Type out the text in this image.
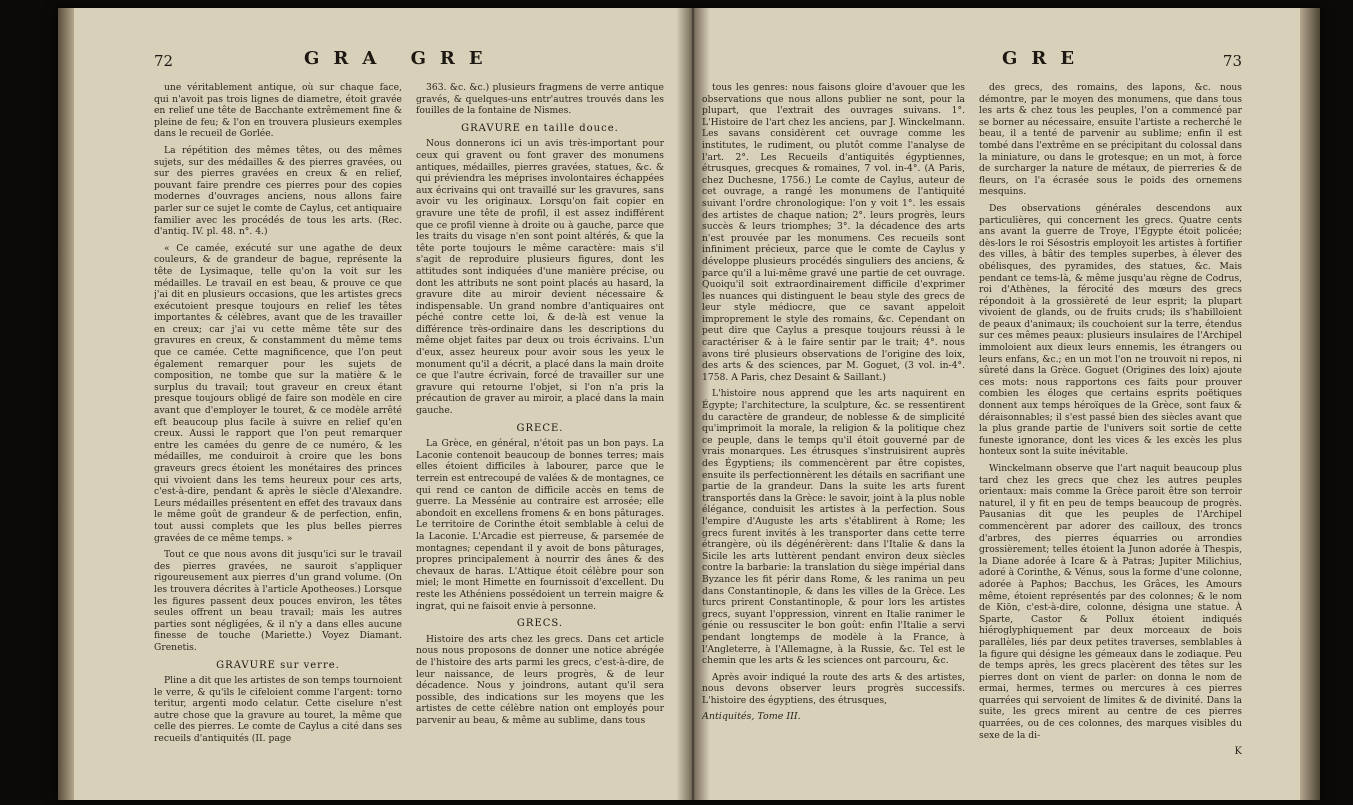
72	GRA GRE

une véritablement antique, où sur chaque face, qui n'avoit pas trois lignes de diametre, étoit gravée en relief une tête de Bacchante extrêmement fine & pleine de feu; & l'on en trouvera plusieurs exemples dans le recueil de Gorlée.

La répétition des mêmes têtes, ou des mêmes sujets, sur des médailles & des pierres gravées, ou sur des pierres gravées en creux & en relief, pouvant faire prendre ces pierres pour des copies modernes d'ouvrages anciens, nous allons faire parler sur ce sujet le comte de Caylus, cet antiquaire familier avec les procédés de tous les arts. (Rec. d'antiq. IV. pl. 48. n°. 4.)

« Ce camée, exécuté sur une agathe de deux couleurs, & de grandeur de bague, représente la tête de Lysimaque, telle qu'on la voit sur les médailles. Le travail en est beau, & prouve ce que j'ai dit en plusieurs occasions, que les artistes grecs exécutoient presque toujours en relief les têtes importantes & célèbres, avant que de les travailler en creux; car j'ai vu cette même tête sur des gravures en creux, & constamment du même tems que ce camée. Cette magnificence, que l'on peut également remarquer pour les sujets de composition, ne tombe que sur la matière & le surplus du travail; tout graveur en creux étant presque toujours obligé de faire son modèle en cire avant que d'employer le touret, & ce modèle arrêté eft beaucoup plus facile à suivre en relief qu'en creux. Aussi le rapport que l'on peut remarquer entre les camées du genre de ce numéro, & les médailles, me conduiroit à croire que les bons graveurs grecs étoient les monétaires des princes qui vivoient dans les tems heureux pour ces arts, c'est-à-dire, pendant & après le siècle d'Alexandre. Leurs médailles présentent en effet des travaux dans le même goût de grandeur & de perfection, enfin, tout aussi complets que les plus belles pierres gravées de ce même temps. »

Tout ce que nous avons dit jusqu'ici sur le travail des pierres gravées, ne sauroit s'appliquer rigoureusement aux pierres d'un grand volume. (On les trouvera décrites à l'article Apotheoses.) Lorsque les figures passent deux pouces environ, les têtes seules offrent un beau travail; mais les autres parties sont négligées, & il n'y a dans elles aucune finesse de touche (Mariette.) Voyez Diamant. Grenetis.

GRAVURE sur verre.

Pline a dit que les artistes de son temps tournoient le verre, & qu'ils le cifeloient comme l'argent: torno teritur, argenti modo celatur. Cette ciselure n'est autre chose que la gravure au touret, la même que celle des pierres. Le comte de Caylus a cité dans ses recueils d'antiquités (II. page

363. &c. &c.) plusieurs fragmens de verre antique gravés, & quelques-uns entr'autres trouvés dans les fouilles de la fontaine de Nismes.

GRAVURE en taille douce.

Nous donnerons ici un avis très-important pour ceux qui gravent ou font graver des monumens antiques, médailles, pierres gravées, statues, &c. & qui préviendra les méprises involontaires échappées aux écrivains qui ont travaillé sur les gravures, sans avoir vu les originaux. Lorsqu'on fait copier en gravure une tête de profil, il est assez indifférent que ce profil vienne à droite ou à gauche, parce que les traits du visage n'en sont point altérés, & que la tête porte toujours le même caractère: mais s'il s'agit de reproduire plusieurs figures, dont les attitudes sont indiquées d'une manière précise, ou dont les attributs ne sont point placés au hasard, la gravure dite au miroir devient nécessaire & indispensable. Un grand nombre d'antiquaires ont péché contre cette loi, & de-là est venue la différence très-ordinaire dans les descriptions du même objet faites par deux ou trois écrivains. L'un d'eux, assez heureux pour avoir sous les yeux le monument qu'il a décrit, a placé dans la main droite ce que l'autre écrivain, forcé de travailler sur une gravure qui retourne l'objet, si l'on n'a pris la précaution de graver au miroir, a placé dans la main gauche.

GRECE.

La Grèce, en général, n'étoit pas un bon pays. La Laconie contenoit beaucoup de bonnes terres; mais elles étoient difficiles à labourer, parce que le terrein est entrecoupé de valées & de montagnes, ce qui rend ce canton de difficile accès en tems de guerre. La Messénie au contraire est arrosée; elle abondoit en excellens fromens & en bons pâturages. Le territoire de Corinthe étoit semblable à celui de la Laconie. L'Arcadie est pierreuse, & parsemée de montagnes; cependant il y avoit de bons pâturages, propres principalement à nourrir des ânes & des chevaux de haras. L'Attique étoit célèbre pour son miel; le mont Himette en fournissoit d'excellent. Du reste les Athéniens possédoient un terrein maigre & ingrat, qui ne faisoit envie à personne.

GRECS.

Histoire des arts chez les grecs. Dans cet article nous nous proposons de donner une notice abrégée de l'histoire des arts parmi les grecs, c'est-à-dire, de leur naissance, de leurs progrès, & de leur décadence. Nous y joindrons, autant qu'il sera possible, des indications sur les moyens que les artistes de cette célèbre nation ont employés pour parvenir au beau, & même au sublime, dans tous

GRE	73

tous les genres: nous faisons gloire d'avouer que les observations que nous allons publier ne sont, pour la plupart, que l'extrait des ouvrages suivans. 1°. L'Histoire de l'art chez les anciens, par J. Winckelmann. Les savans considèrent cet ouvrage comme les institutes, le rudiment, ou plutôt comme l'analyse de l'art. 2°. Les Recueils d'antiquités égyptiennes, étrusques, grecques & romaines, 7 vol. in-4°. (A Paris, chez Duchesne, 1756.) Le comte de Caylus, auteur de cet ouvrage, a rangé les monumens de l'antiquité suivant l'ordre chronologique: l'on y voit 1°. les essais des artistes de chaque nation; 2°. leurs progrès, leurs succès & leurs triomphes; 3°. la décadence des arts n'est prouvée par les monumens. Ces recueils sont infiniment précieux, parce que le comte de Caylus y développe plusieurs procédés singuliers des anciens, & parce qu'il a lui-même gravé une partie de cet ouvrage. Quoiqu'il soit extraordinairement difficile d'exprimer les nuances qui distinguent le beau style des grecs de leur style médiocre, que ce savant appeloit improprement le style des romains, &c. Cependant on peut dire que Caylus a presque toujours réussi à le caractériser & à le faire sentir par le trait; 4°. nous avons tiré plusieurs observations de l'origine des loix, des arts & des sciences, par M. Goguet, (3 vol. in-4°. 1758. A Paris, chez Desaint & Saillant.)

L'histoire nous apprend que les arts naquirent en Égypte; l'architecture, la sculpture, &c. se ressentirent du caractère de grandeur, de noblesse & de simplicité qu'imprimoit la morale, la religion & la politique chez ce peuple, dans le temps qu'il étoit gouverné par de vrais monarques. Les étrusques s'instruisirent auprès des Égyptiens; ils commencèrent par être copistes, ensuite ils perfectionnèrent les détails en sacrifiant une partie de la grandeur. Dans la suite les arts furent transportés dans la Grèce: le savoir, joint à la plus noble élégance, conduisit les artistes à la perfection. Sous l'empire d'Auguste les arts s'établirent à Rome; les grecs furent invités à les transporter dans cette terre étrangère, où ils dégénérèrent: dans l'Italie & dans la Sicile les arts luttèrent pendant environ deux siècles contre la barbarie: la translation du siège impérial dans Byzance les fit périr dans Rome, & les ranima un peu dans Constantinople, & dans les villes de la Grèce. Les turcs prirent Constantinople, & pour lors les artistes grecs, suyant l'oppression, vinrent en Italie ranimer le génie ou ressusciter le bon goût: enfin l'Italie a servi pendant longtemps de modèle à la France, à l'Angleterre, à l'Allemagne, à la Russie, &c. Tel est le chemin que les arts & les sciences ont parcouru, &c.

Après avoir indiqué la route des arts & des artistes, nous devons observer leurs progrès successifs. L'histoire des égyptiens, des étrusques,

Antiquités, Tome III.

des grecs, des romains, des lapons, &c. nous démontre, par le moyen des monumens, que dans tous les arts & chez tous les peuples, l'on a commencé par se borner au nécessaire, ensuite l'artiste a recherché le beau, il a tenté de parvenir au sublime; enfin il est tombé dans l'extrême en se précipitant du colossal dans la miniature, ou dans le grotesque; en un mot, à force de surcharger la nature de métaux, de pierreries & de fleurs, on l'a écrasée sous le poids des ornemens mesquins.

Des observations générales descendons aux particulières, qui concernent les grecs. Quatre cents ans avant la guerre de Troye, l'Égypte étoit policée; dès-lors le roi Sésostris employoit les artistes à fortifier des villes, à bâtir des temples superbes, à élever des obélisques, des pyramides, des statues, &c. Mais pendant ce tems-là, & même jusqu'au règne de Codrus, roi d'Athènes, la férocité des mœurs des grecs répondoit à la grossièreté de leur esprit; la plupart vivoient de glands, ou de fruits cruds; ils s'habilloient de peaux d'animaux; ils couchoient sur la terre, étendus sur ces mêmes peaux: plusieurs insulaires de l'Archipel immoloient aux dieux leurs ennemis, les étrangers ou leurs enfans, &c.; en un mot l'on ne trouvoit ni repos, ni sûreté dans la Grèce. Goguet (Origines des loix) ajoute ces mots: nous rapportons ces faits pour prouver combien les éloges que certains esprits poëtiques donnent aux temps héroïques de la Grèce, sont faux & déraisonnables; il s'est passé bien des siècles avant que la plus grande partie de l'univers soit sortie de cette funeste ignorance, dont les vices & les excès les plus honteux sont la suite inévitable.

Winckelmann observe que l'art naquit beaucoup plus tard chez les grecs que chez les autres peuples orientaux: mais comme la Grèce paroit être son terroir naturel, il y fit en peu de temps beaucoup de progrès. Pausanias dit que les peuples de l'Archipel commencèrent par adorer des cailloux, des troncs d'arbres, des pierres équarries ou arrondies grossièrement; telles étoient la Junon adorée à Thespis, la Diane adorée à Icare & à Patras; Jupiter Milichius, adoré à Corinthe, & Vénus, sous la forme d'une colonne, adorée à Paphos; Bacchus, les Grâces, les Amours même, étoient représentés par des colonnes; & le nom de Kiōn, c'est-à-dire, colonne, désigna une statue. À Sparte, Castor & Pollux étoient indiqués hiéroglyphiquement par deux morceaux de bois parallèles, liés par deux petites traverses, semblables à la figure qui désigne les gémeaux dans le zodiaque. Peu de temps après, les grecs placèrent des têtes sur les pierres dont on vient de parler: on donna le nom de ermai, hermes, termes ou mercures à ces pierres quarrées qui servoient de limites & de divinité. Dans la suite, les grecs mirent au centre de ces pierres quarrées, ou de ces colonnes, des marques visibles du sexe de la di-

K
